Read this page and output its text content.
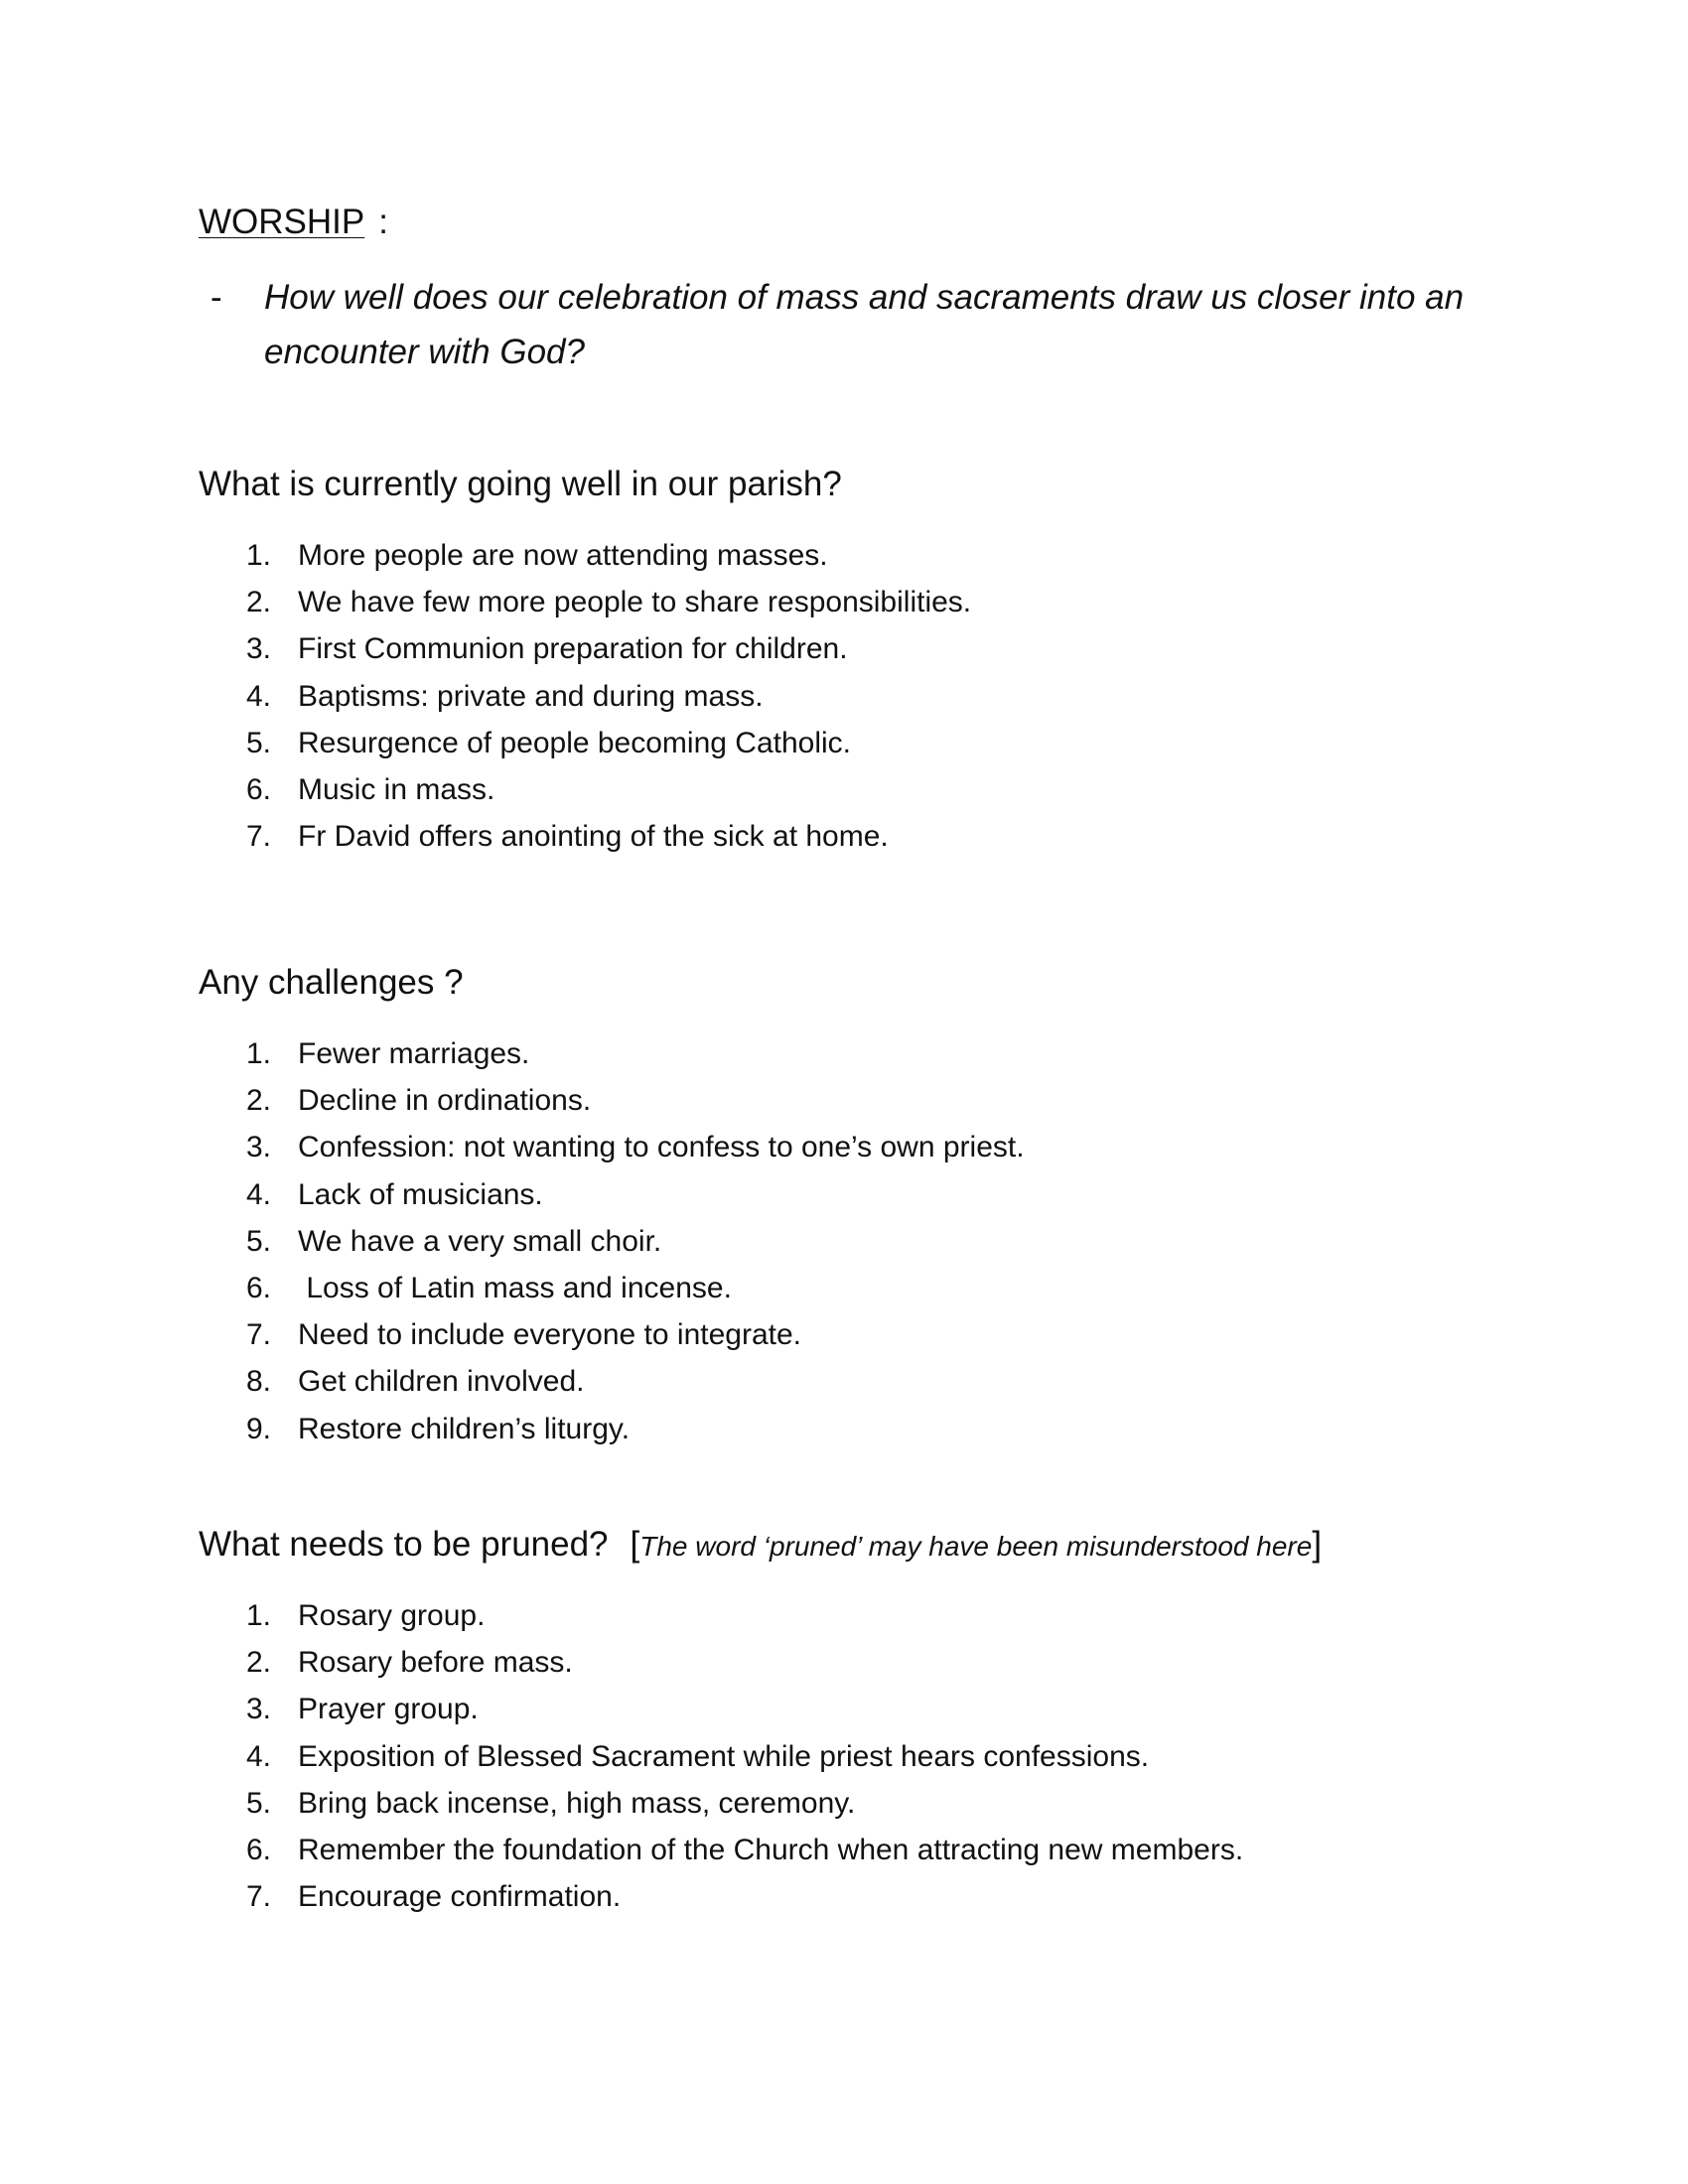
WORSHIP :
- How well does our celebration of mass and sacraments draw us closer into an encounter with God?
What is currently going well in our parish?
1. More people are now attending masses.
2. We have few more people to share responsibilities.
3. First Communion preparation for children.
4. Baptisms: private and during mass.
5. Resurgence of people becoming Catholic.
6. Music in mass.
7. Fr David offers anointing of the sick at home.
Any challenges ?
1. Fewer marriages.
2. Decline in ordinations.
3. Confession: not wanting to confess to one’s own priest.
4. Lack of musicians.
5. We have a very small choir.
6. Loss of Latin mass and incense.
7. Need to include everyone to integrate.
8. Get children involved.
9. Restore children’s liturgy.
What needs to be pruned? [The word ‘pruned’ may have been misunderstood here]
1. Rosary group.
2. Rosary before mass.
3. Prayer group.
4. Exposition of Blessed Sacrament while priest hears confessions.
5. Bring back incense, high mass, ceremony.
6. Remember the foundation of the Church when attracting new members.
7. Encourage confirmation.
